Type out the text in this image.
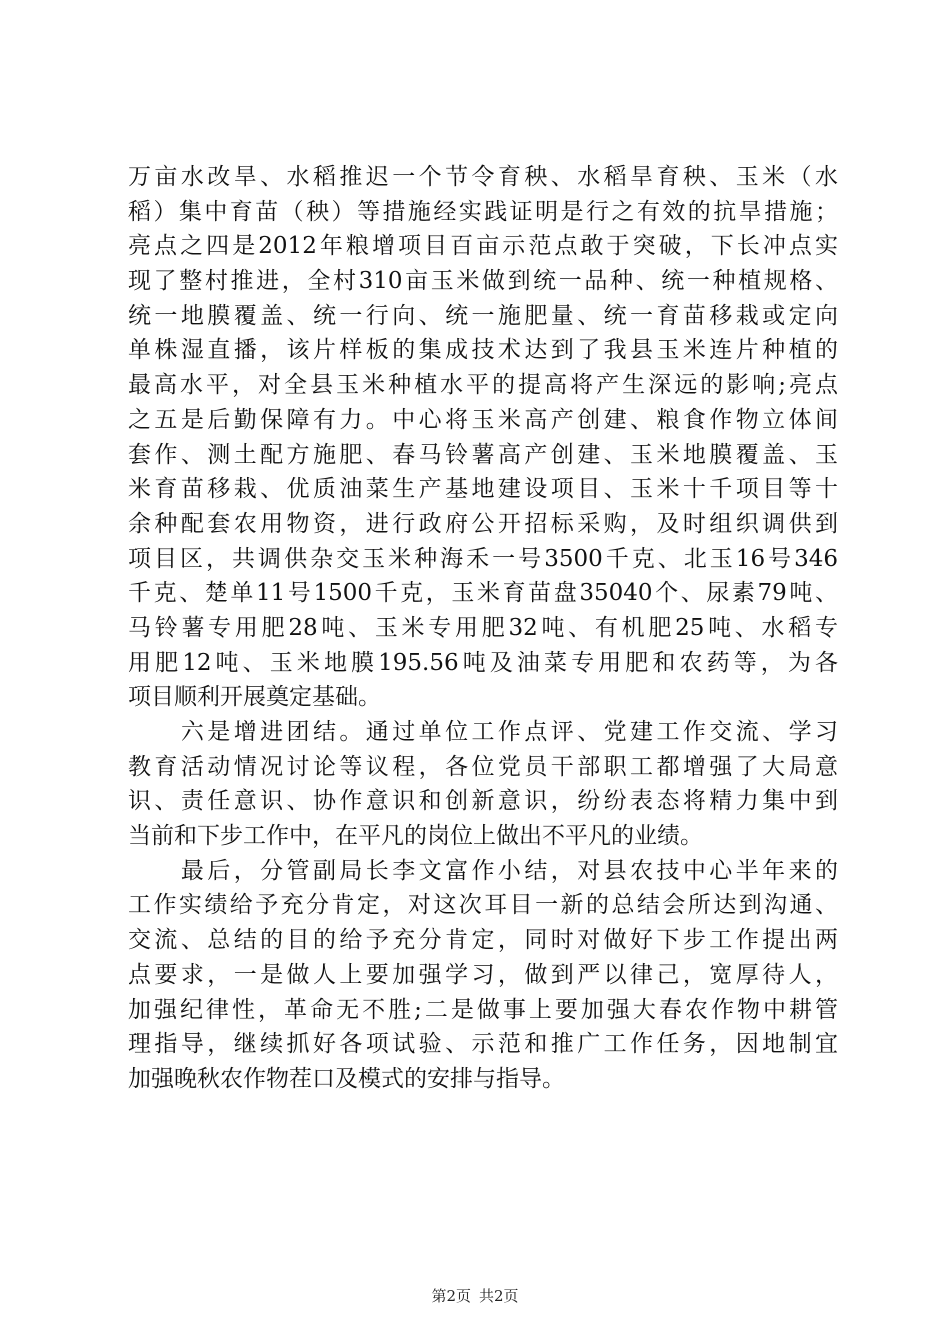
万亩水改旱、水稻推迟一个节令育秧、水稻旱育秧、玉米（水
稻）集中育苗（秧）等措施经实践证明是行之有效的抗旱措施；
亮点之四是2012年粮增项目百亩示范点敢于突破，下长冲点实
现了整村推进，全村310亩玉米做到统一品种、统一种植规格、
统一地膜覆盖、统一行向、统一施肥量、统一育苗移栽或定向
单株湿直播，该片样板的集成技术达到了我县玉米连片种植的
最高水平，对全县玉米种植水平的提高将产生深远的影响;亮点
之五是后勤保障有力。中心将玉米高产创建、粮食作物立体间
套作、测土配方施肥、春马铃薯高产创建、玉米地膜覆盖、玉
米育苗移栽、优质油菜生产基地建设项目、玉米十千项目等十
余种配套农用物资，进行政府公开招标采购，及时组织调供到
项目区，共调供杂交玉米种海禾一号3500千克、北玉16号346
千克、楚单11号1500千克，玉米育苗盘35040个、尿素79吨、
马铃薯专用肥28吨、玉米专用肥32吨、有机肥25吨、水稻专
用肥12吨、玉米地膜195.56吨及油菜专用肥和农药等，为各
项目顺利开展奠定基础。
　　六是增进团结。通过单位工作点评、党建工作交流、学习
教育活动情况讨论等议程，各位党员干部职工都增强了大局意
识、责任意识、协作意识和创新意识，纷纷表态将精力集中到
当前和下步工作中，在平凡的岗位上做出不平凡的业绩。
　　最后，分管副局长李文富作小结，对县农技中心半年来的
工作实绩给予充分肯定，对这次耳目一新的总结会所达到沟通、
交流、总结的目的给予充分肯定，同时对做好下步工作提出两
点要求，一是做人上要加强学习，做到严以律己，宽厚待人，
加强纪律性，革命无不胜;二是做事上要加强大春农作物中耕管
理指导，继续抓好各项试验、示范和推广工作任务，因地制宜
加强晚秋农作物茬口及模式的安排与指导。
第2页 共2页
